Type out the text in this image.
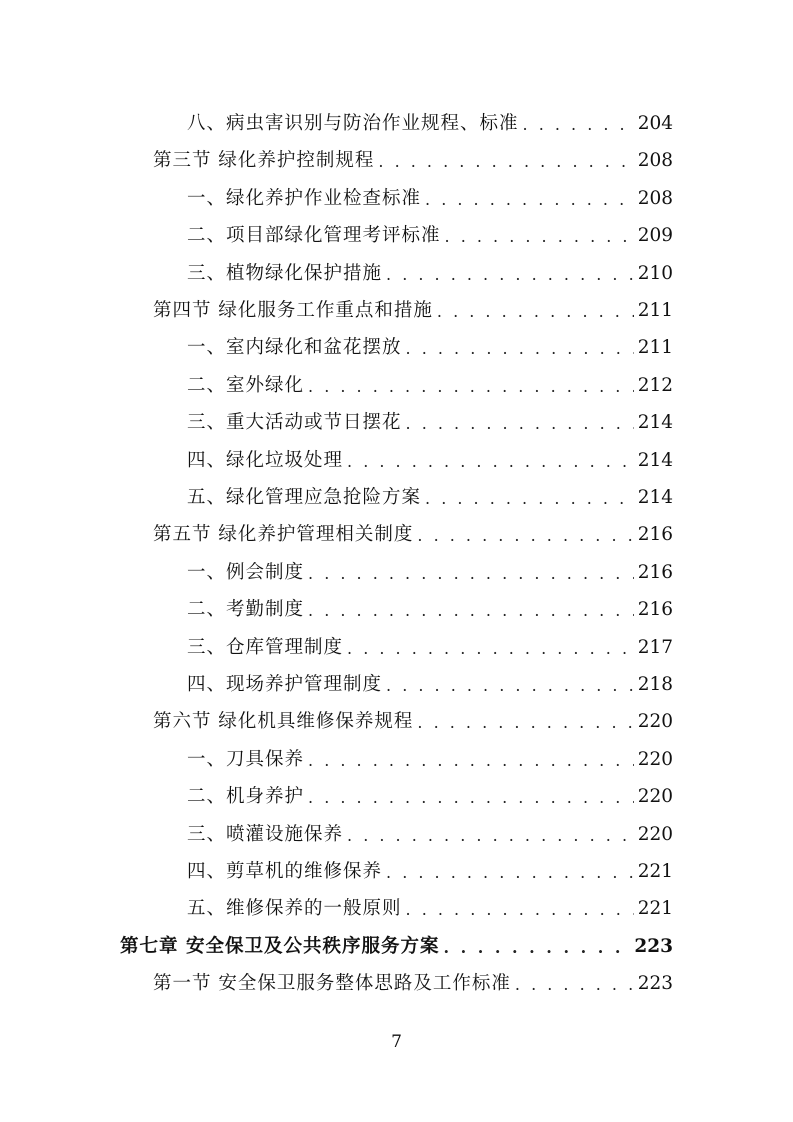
八、病虫害识别与防治作业规程、标准 . . .	204
第三节 绿化养护控制规程 . . .	208
一、绿化养护作业检查标准 . . .	208
二、项目部绿化管理考评标准 . . .	209
三、植物绿化保护措施 . . .	210
第四节 绿化服务工作重点和措施 . . .	211
一、室内绿化和盆花摆放 . . .	211
二、室外绿化 . . .	212
三、重大活动或节日摆花 . . .	214
四、绿化垃圾处理 . . .	214
五、绿化管理应急抢险方案 . . .	214
第五节 绿化养护管理相关制度 . . .	216
一、例会制度 . . .	216
二、考勤制度 . . .	216
三、仓库管理制度 . . .	217
四、现场养护管理制度 . . .	218
第六节 绿化机具维修保养规程 . . .	220
一、刀具保养 . . .	220
二、机身养护 . . .	220
三、喷灌设施保养 . . .	220
四、剪草机的维修保养 . . .	221
五、维修保养的一般原则 . . .	221
第七章 安全保卫及公共秩序服务方案 . . .	223
第一节 安全保卫服务整体思路及工作标准 . . .	223
7
